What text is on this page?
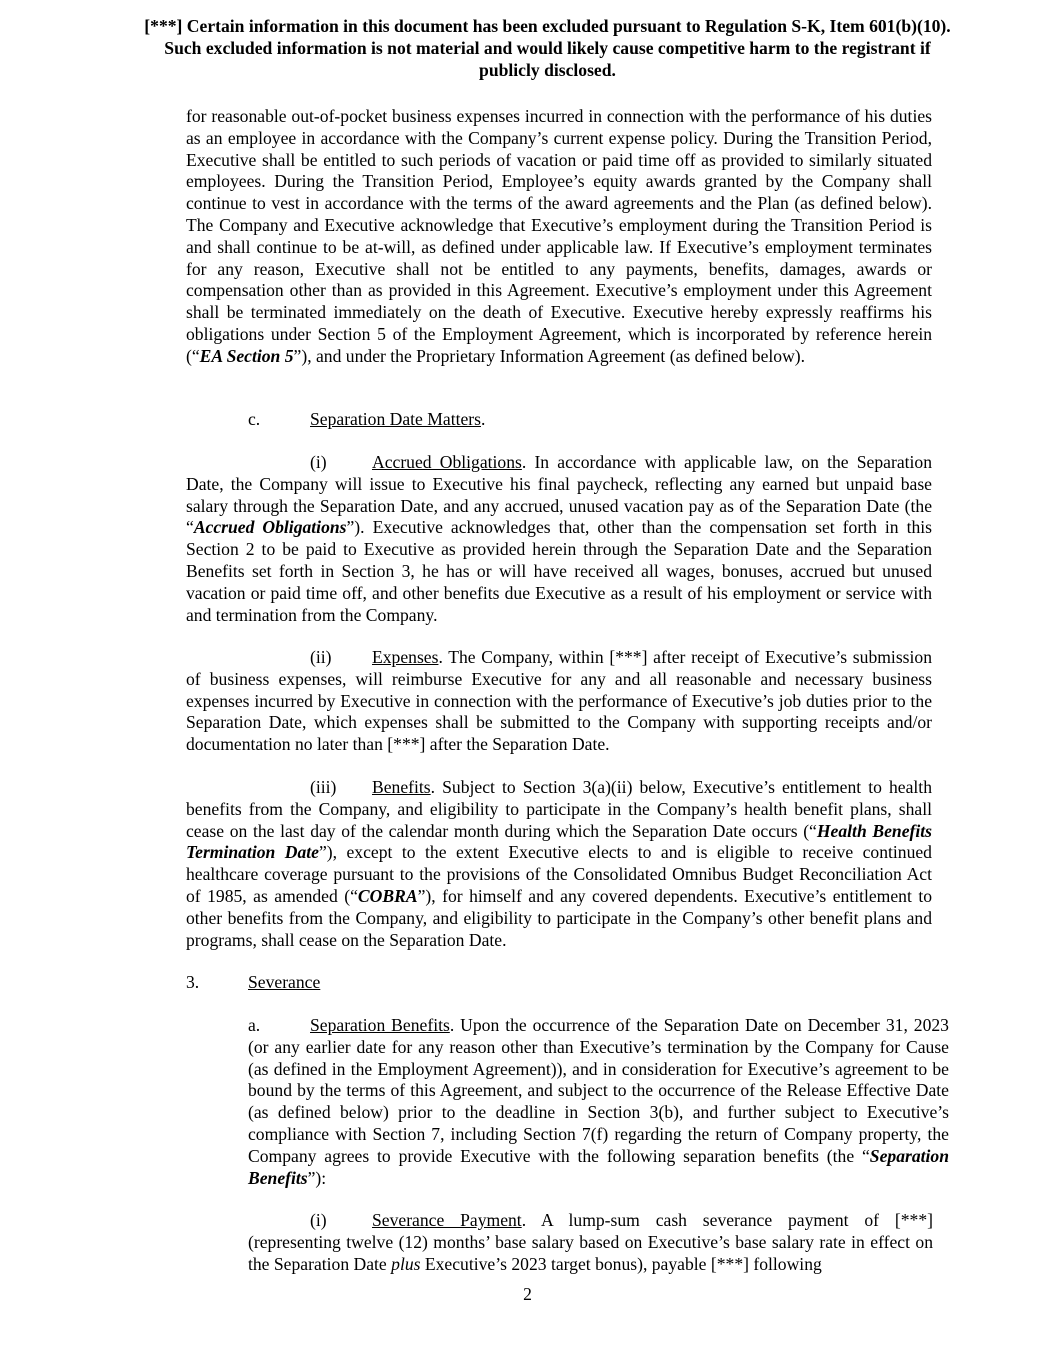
[***] Certain information in this document has been excluded pursuant to Regulation S-K, Item 601(b)(10).
Such excluded information is not material and would likely cause competitive harm to the registrant if
publicly disclosed.
for reasonable out-of-pocket business expenses incurred in connection with the performance of his duties as an employee in accordance with the Company’s current expense policy. During the Transition Period, Executive shall be entitled to such periods of vacation or paid time off as provided to similarly situated employees. During the Transition Period, Employee’s equity awards granted by the Company shall continue to vest in accordance with the terms of the award agreements and the Plan (as defined below). The Company and Executive acknowledge that Executive’s employment during the Transition Period is and shall continue to be at-will, as defined under applicable law. If Executive’s employment terminates for any reason, Executive shall not be entitled to any payments, benefits, damages, awards or compensation other than as provided in this Agreement. Executive’s employment under this Agreement shall be terminated immediately on the death of Executive. Executive hereby expressly reaffirms his obligations under Section 5 of the Employment Agreement, which is incorporated by reference herein (“EA Section 5”), and under the Proprietary Information Agreement (as defined below).
c.	Separation Date Matters.
(i)	Accrued Obligations. In accordance with applicable law, on the Separation Date, the Company will issue to Executive his final paycheck, reflecting any earned but unpaid base salary through the Separation Date, and any accrued, unused vacation pay as of the Separation Date (the “Accrued Obligations”). Executive acknowledges that, other than the compensation set forth in this Section 2 to be paid to Executive as provided herein through the Separation Date and the Separation Benefits set forth in Section 3, he has or will have received all wages, bonuses, accrued but unused vacation or paid time off, and other benefits due Executive as a result of his employment or service with and termination from the Company.
(ii) Expenses. The Company, within [***] after receipt of Executive’s submission of business expenses, will reimburse Executive for any and all reasonable and necessary business expenses incurred by Executive in connection with the performance of Executive’s job duties prior to the Separation Date, which expenses shall be submitted to the Company with supporting receipts and/or documentation no later than [***] after the Separation Date.
(iii) Benefits. Subject to Section 3(a)(ii) below, Executive’s entitlement to health benefits from the Company, and eligibility to participate in the Company’s health benefit plans, shall cease on the last day of the calendar month during which the Separation Date occurs (“Health Benefits Termination Date”), except to the extent Executive elects to and is eligible to receive continued healthcare coverage pursuant to the provisions of the Consolidated Omnibus Budget Reconciliation Act of 1985, as amended (“COBRA”), for himself and any covered dependents. Executive’s entitlement to other benefits from the Company, and eligibility to participate in the Company’s other benefit plans and programs, shall cease on the Separation Date.
3.	Severance
a.	Separation Benefits. Upon the occurrence of the Separation Date on December 31, 2023 (or any earlier date for any reason other than Executive’s termination by the Company for Cause (as defined in the Employment Agreement)), and in consideration for Executive’s agreement to be bound by the terms of this Agreement, and subject to the occurrence of the Release Effective Date (as defined below) prior to the deadline in Section 3(b), and further subject to Executive’s compliance with Section 7, including Section 7(f) regarding the return of Company property, the Company agrees to provide Executive with the following separation benefits (the “Separation Benefits”):
(i)	Severance Payment. A lump-sum cash severance payment of [***] (representing twelve (12) months’ base salary based on Executive’s base salary rate in effect on the Separation Date plus Executive’s 2023 target bonus), payable [***] following
2
